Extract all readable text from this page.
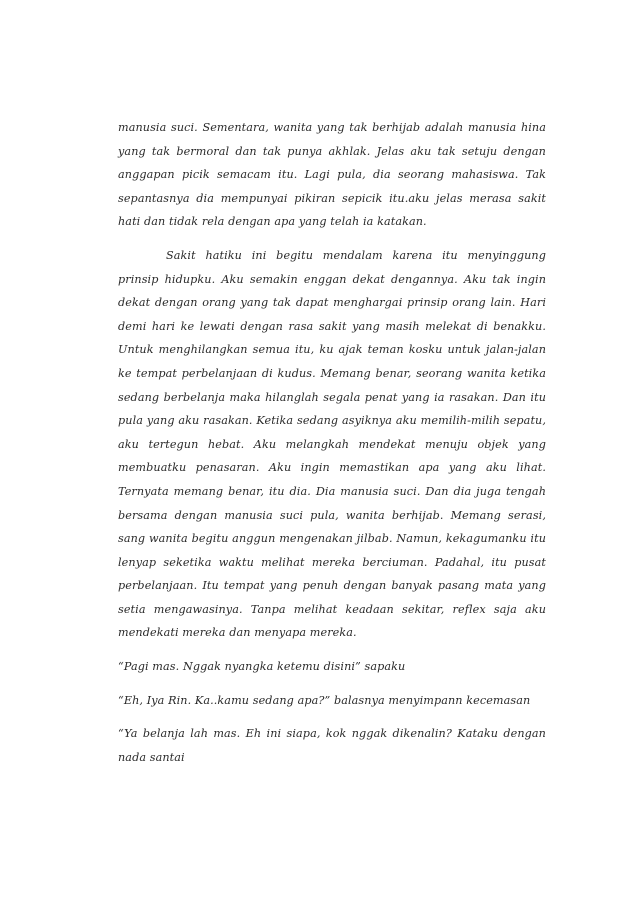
manusia suci. Sementara, wanita yang tak berhijab adalah manusia hina yang tak bermoral dan tak punya akhlak. Jelas aku tak setuju dengan anggapan picik semacam itu. Lagi pula, dia seorang mahasiswa. Tak sepantasnya dia mempunyai pikiran sepicik itu.aku jelas merasa sakit hati dan tidak rela dengan apa yang telah ia katakan.

Sakit hatiku ini begitu mendalam karena itu menyinggung prinsip hidupku. Aku semakin enggan dekat dengannya. Aku tak ingin dekat dengan orang yang tak dapat menghargai prinsip orang lain. Hari demi hari ke lewati dengan rasa sakit yang masih melekat di benakku. Untuk menghilangkan semua itu, ku ajak teman kosku untuk jalan-jalan ke tempat perbelanjaan di kudus. Memang benar, seorang wanita ketika sedang berbelanja maka hilanglah segala penat yang ia rasakan. Dan itu pula yang aku rasakan. Ketika sedang asyiknya aku memilih-milih sepatu, aku tertegun hebat. Aku melangkah mendekat menuju objek yang membuatku penasaran. Aku ingin memastikan apa yang aku lihat. Ternyata memang benar, itu dia. Dia manusia suci. Dan dia juga tengah bersama dengan manusia suci pula, wanita berhijab. Memang serasi, sang wanita begitu anggun mengenakan jilbab. Namun, kekagumanku itu lenyap seketika waktu melihat mereka berciuman. Padahal, itu pusat perbelanjaan. Itu tempat yang penuh dengan banyak pasang mata yang setia mengawasinya. Tanpa melihat keadaan sekitar, reflex saja aku mendekati mereka dan menyapa mereka.

“Pagi mas. Nggak nyangka ketemu disini” sapaku

“Eh, Iya Rin. Ka..kamu sedang apa?” balasnya menyimpann kecemasan

“Ya belanja lah mas. Eh ini siapa, kok nggak dikenalin? Kataku dengan nada santai
